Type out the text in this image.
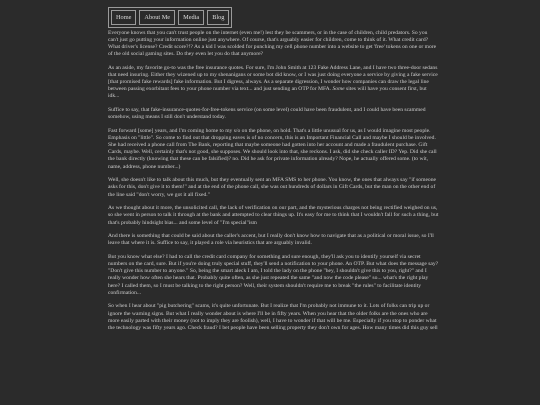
Home	About Me	Media	Blog

Everyone knows that you can't trust people on the internet (even me!) lest they be scammers, or in the case of children, child predators. So you can't just go putting your information online just anywhere. Of course, that's arguably easier for children, come to think of it. What credit card? What driver's license? Credit score?!? As a kid I was scolded for punching my cell phone number into a website to get 'free' tokens on one or more of the old social gaming sites. Do they even let you do that anymore?

As an aside, my favorite go-to was the free insurance quotes. For sure, I'm John Smith at 123 Fake Address Lane, and I have two three-door sedans that need insuring. Either they wizened up to my shenanigans or some bot did know, or I was just doing everyone a service by giving a fake service [that promised fake rewards] fake information. But I digress, always. As a separate digression, I wonder how companies can draw the legal line between passing exorbitant fees to your phone number via text... and just sending an OTP for MFA. Some sites will have you consent first, but idk...

Suffice to say, that fake-insurance-quotes-for-free-tokens service (on some level) could have been fraudulent, and I could have been scammed somehow, using means I still don't understand today.

Fast forward [some] years, and I'm coming home to my s/o on the phone, on hold. That's a little unusual for us, as I would imagine most people. Emphasis on "little". So come to find out that dropping eaves is of no concern, this is an Important Financial Call and maybe I should be involved. She had received a phone call from The Bank, reporting that maybe someone had gotten into her account and made a fraudulent purchase. Gift Cards, maybe. Well, certainly that's not good, she supposes. We should look into that, she reckons. I ask, did she check caller ID? Yep. Did she call the bank directly (knowing that these can be falsified)? no. Did he ask for private information already? Nope, he actually offered some. (to wit, name, address, phone number...)

Well, she doesn't like to talk about this much, but they eventually sent an MFA SMS to her phone. You know, the ones that always say "if someone asks for this, don't give it to them!" and at the end of the phone call, she was out hundreds of dollars in Gift Cards, but the man on the other end of the line said "don't worry, we got it all fixed."

As we thought about it more, the unsolicited call, the lack of verification on our part, and the mysterious charges not being rectified weighed on us, so she went in person to talk it through at the bank and attempted to clear things up. It's easy for me to think that I wouldn't fall for such a thing, but that's probably hindsight bias... and some level of "I'm special"ism

And there is something that could be said about the caller's accent, but I really don't know how to navigate that as a political or moral issue, so I'll leave that where it is. Suffice to say, it played a role via heuristics that are arguably invalid.

But you know what else? I had to call the credit card company for something and sure enough, they'll ask you to identify yourself via secret numbers on the card, sure. But if you're doing truly special stuff, they'll send a notification to your phone. An OTP. But what does the message say? "Don't give this number to anyone." So, being the smart aleck I am, I told the lady on the phone "hey, I shouldn't give this to you, right?" and I really wonder how often she hears that. Probably quite often, as she just repeated the same "and now the code please" so... what's the right play here? I called them, so I must be talking to the right person? Well, their system shouldn't require me to break "the rules" to facilitate identity confirmation...

So when I hear about "pig butchering" scams, it's quite unfortunate. But I realize that I'm probably not immune to it. Lots of folks can trip up or ignore the warning signs. But what I really wonder about is where I'll be in fifty years. When you hear that the older folks are the ones who are more easily parted with their money (not to imply they are foolish), well, I have to wonder if that will be me. Especially if you stop to ponder what the technology was fifty years ago. Check fraud? I bet people have been selling property they don't own for ages. How many times did this guy sell
